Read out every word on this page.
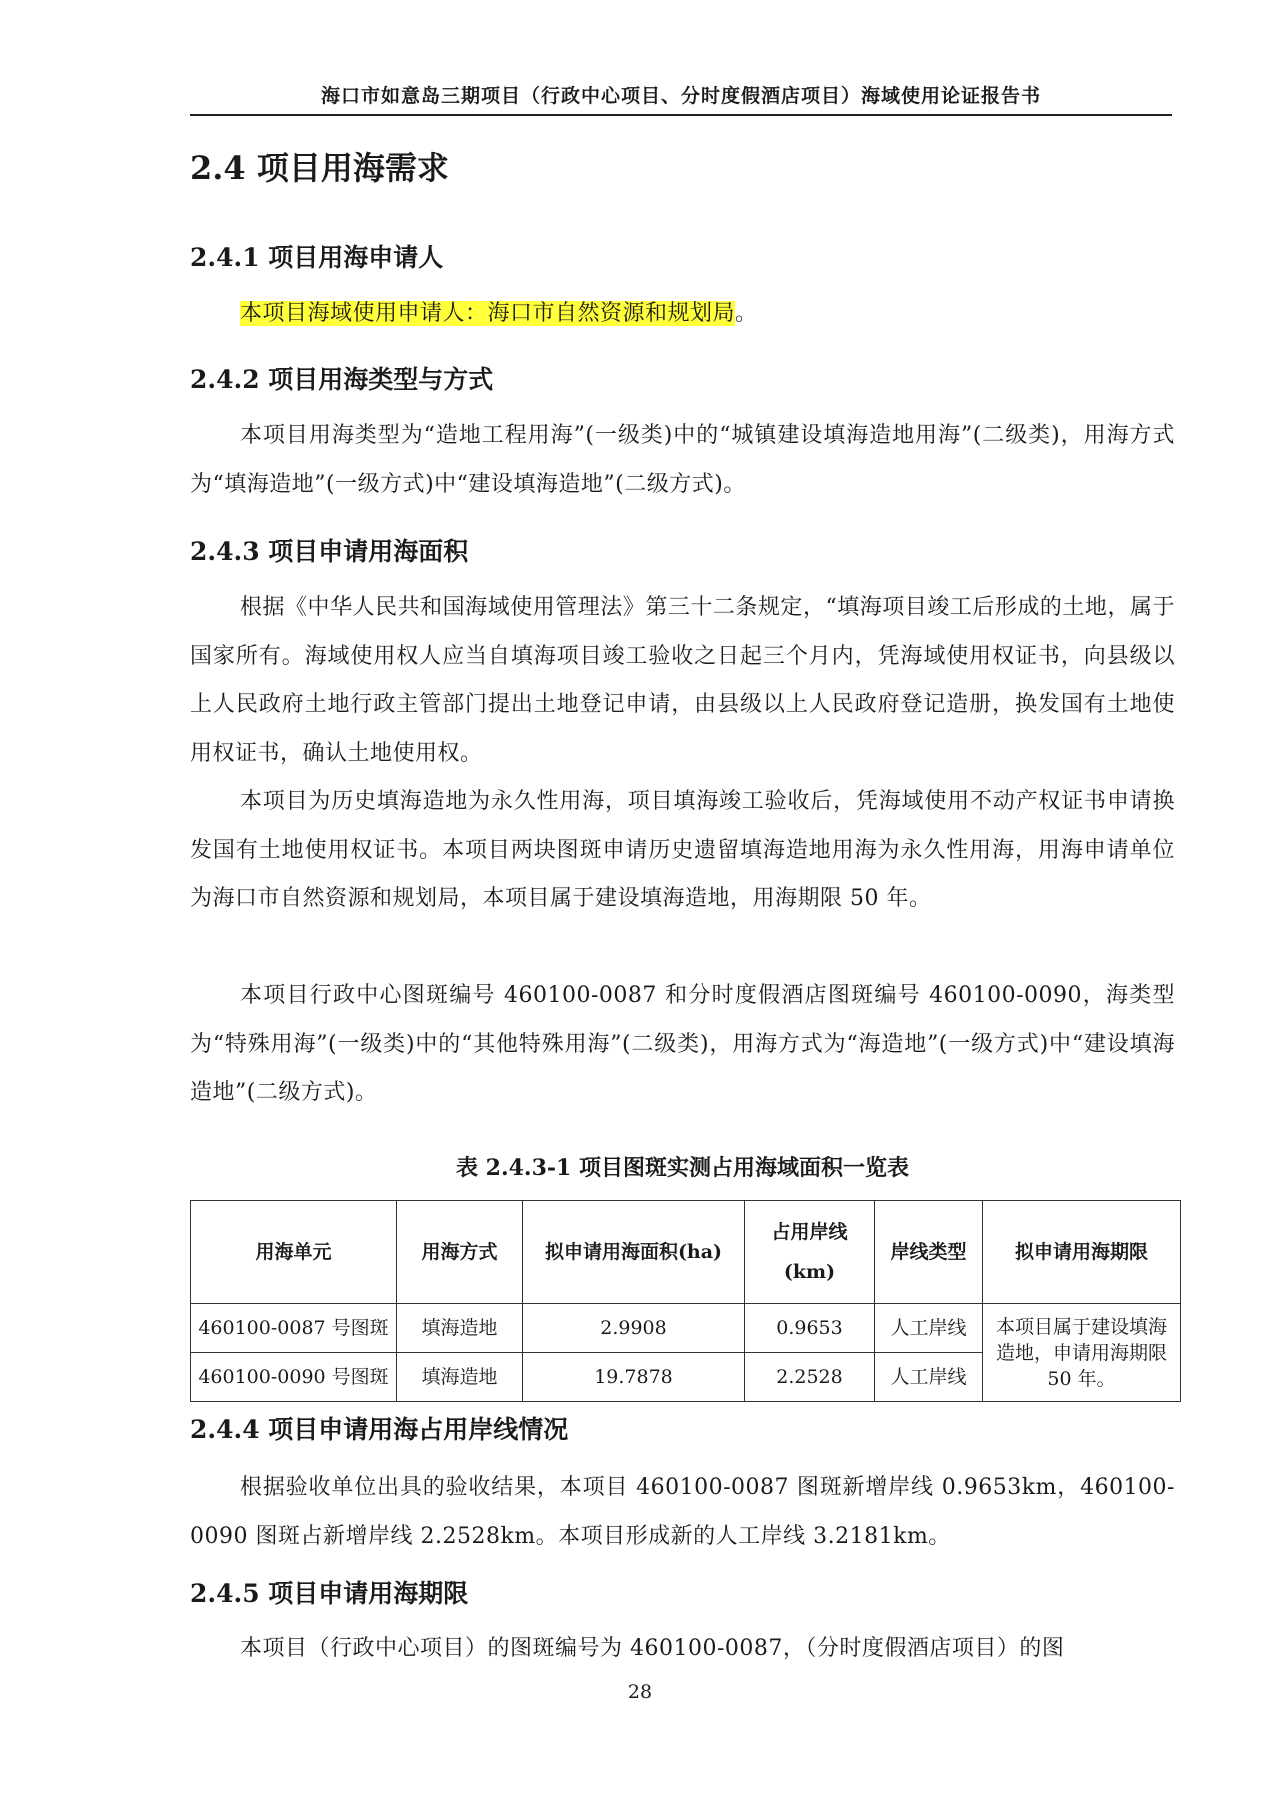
海口市如意岛三期项目（行政中心项目、分时度假酒店项目）海域使用论证报告书
2.4 项目用海需求
2.4.1 项目用海申请人
本项目海域使用申请人：海口市自然资源和规划局。
2.4.2 项目用海类型与方式
本项目用海类型为“造地工程用海”(一级类)中的“城镇建设填海造地用海”(二级类)，用海方式为“填海造地”(一级方式)中“建设填海造地”(二级方式)。
2.4.3 项目申请用海面积
根据《中华人民共和国海域使用管理法》第三十二条规定，“填海项目竣工后形成的土地，属于国家所有。海域使用权人应当自填海项目竣工验收之日起三个月内，凭海域使用权证书，向县级以上人民政府土地行政主管部门提出土地登记申请，由县级以上人民政府登记造册，换发国有土地使用权证书，确认土地使用权。
本项目为历史填海造地为永久性用海，项目填海竣工验收后，凭海域使用不动产权证书申请换发国有土地使用权证书。本项目两块图斑申请历史遗留填海造地用海为永久性用海，用海申请单位为海口市自然资源和规划局，本项目属于建设填海造地，用海期限 50 年。
本项目行政中心图斑编号 460100-0087 和分时度假酒店图斑编号 460100-0090，海类型为“特殊用海”(一级类)中的“其他特殊用海”(二级类)，用海方式为“海造地”(一级方式)中“建设填海造地”(二级方式)。
表 2.4.3-1 项目图斑实测占用海域面积一览表
用海单元	用海方式	拟申请用海面积(ha)	占用岸线
(km)	岸线类型	拟申请用海期限
460100-0087 号图斑	填海造地	2.9908	0.9653	人工岸线	本项目属于建设填海造地，申请用海期限 50 年。
460100-0090 号图斑	填海造地	19.7878	2.2528	人工岸线	
2.4.4 项目申请用海占用岸线情况
根据验收单位出具的验收结果，本项目 460100-0087 图斑新增岸线 0.9653km，460100-0090 图斑占新增岸线 2.2528km。本项目形成新的人工岸线 3.2181km。
2.4.5 项目申请用海期限
本项目（行政中心项目）的图斑编号为 460100-0087，（分时度假酒店项目）的图
28
